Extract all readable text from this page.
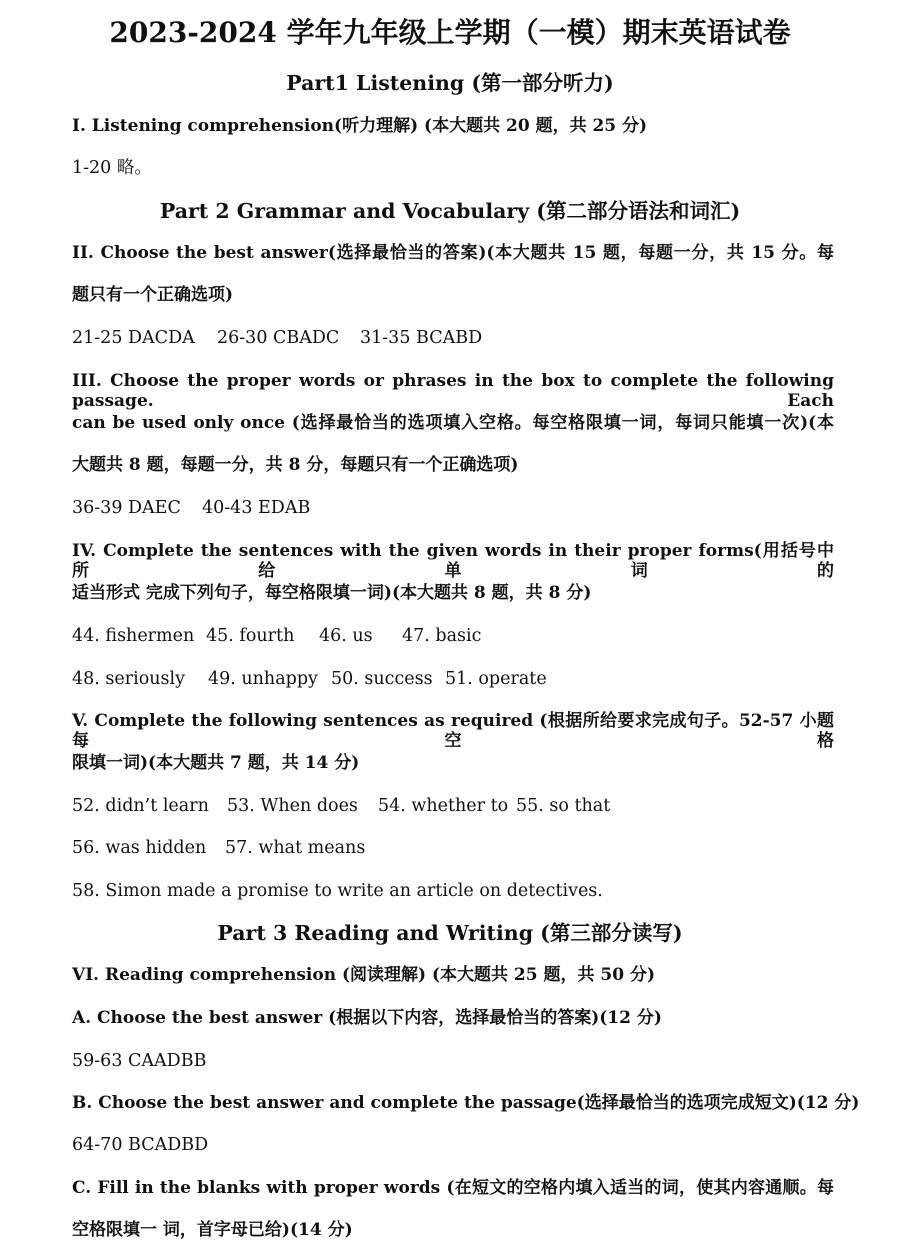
2023-2024 学年九年级上学期（一模）期末英语试卷
Part1 Listening (第一部分听力)
I. Listening comprehension(听力理解) (本大题共 20 题，共 25 分)
1-20 略。
Part 2 Grammar and Vocabulary (第二部分语法和词汇)
II. Choose the best answer(选择最恰当的答案)(本大题共 15 题，每题一分，共 15 分。每
题只有一个正确选项)
21-25 DACDA 26-30 CBADC 31-35 BCABD
III. Choose the proper words or phrases in the box to complete the following passage. Each
can be used only once (选择最恰当的选项填入空格。每空格限填一词，每词只能填一次)(本
大题共 8 题，每题一分，共 8 分，每题只有一个正确选项)
36-39 DAEC 40-43 EDAB
IV. Complete the sentences with the given words in their proper forms(用括号中所给单词的
适当形式 完成下列句子，每空格限填一词)(本大题共 8 题，共 8 分)
44. fishermen 45. fourth 46. us 47. basic
48. seriously 49. unhappy 50. success 51. operate
V. Complete the following sentences as required (根据所给要求完成句子。52-57 小题每空格
限填一词)(本大题共 7 题，共 14 分)
52. didn’t learn 53. When does 54. whether to 55. so that
56. was hidden 57. what means
58. Simon made a promise to write an article on detectives.
Part 3 Reading and Writing (第三部分读写)
VI. Reading comprehension (阅读理解) (本大题共 25 题，共 50 分)
A. Choose the best answer (根据以下内容，选择最恰当的答案)(12 分)
59-63 CAADBB
B. Choose the best answer and complete the passage(选择最恰当的选项完成短文)(12 分)
64-70 BCADBD
C. Fill in the blanks with proper words (在短文的空格内填入适当的词，使其内容通顺。每
空格限填一 词，首字母已给)(14 分)
